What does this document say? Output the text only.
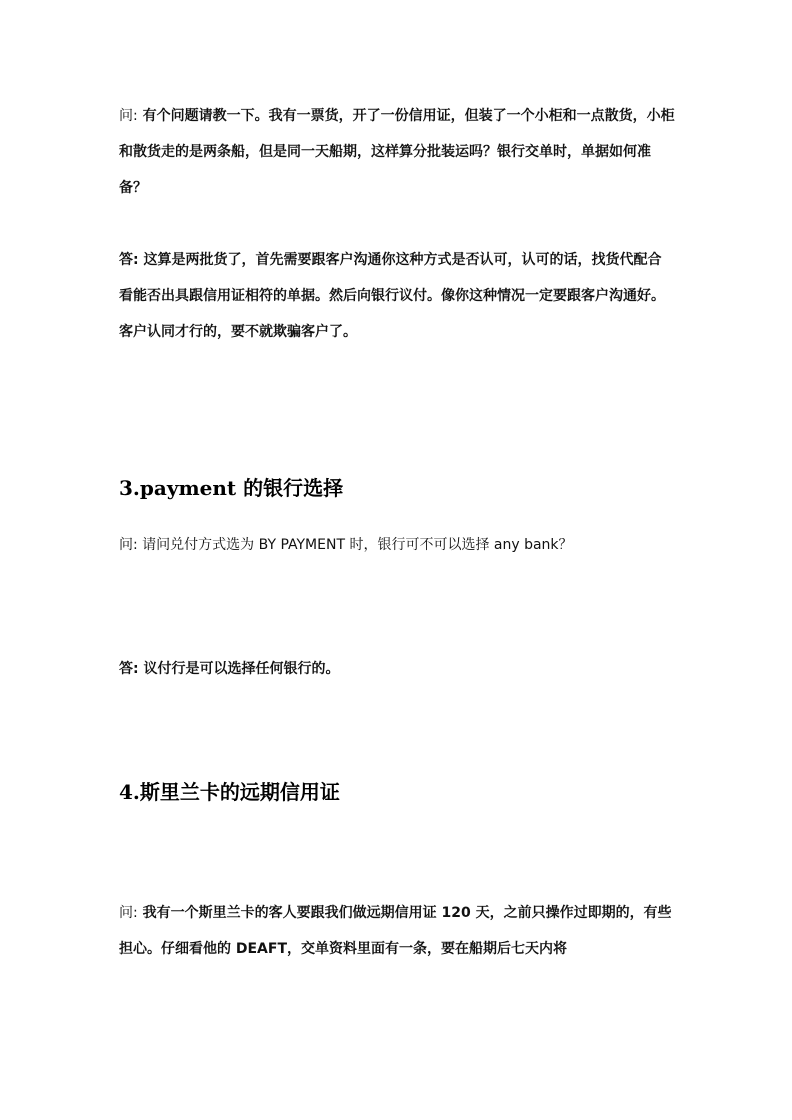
问: 有个问题请教一下。我有一票货，开了一份信用证，但装了一个小柜和一点散货，小柜和散货走的是两条船，但是同一天船期，这样算分批装运吗？银行交单时，单据如何准备？

答: 这算是两批货了，首先需要跟客户沟通你这种方式是否认可，认可的话，找货代配合看能否出具跟信用证相符的单据。然后向银行议付。像你这种情况一定要跟客户沟通好。客户认同才行的，要不就欺骗客户了。

3.payment 的银行选择

问: 请问兑付方式选为 BY PAYMENT 时，银行可不可以选择 any bank？

答: 议付行是可以选择任何银行的。

4.斯里兰卡的远期信用证

问: 我有一个斯里兰卡的客人要跟我们做远期信用证 120 天，之前只操作过即期的，有些担心。仔细看他的 DEAFT，交单资料里面有一条，要在船期后七天内将
